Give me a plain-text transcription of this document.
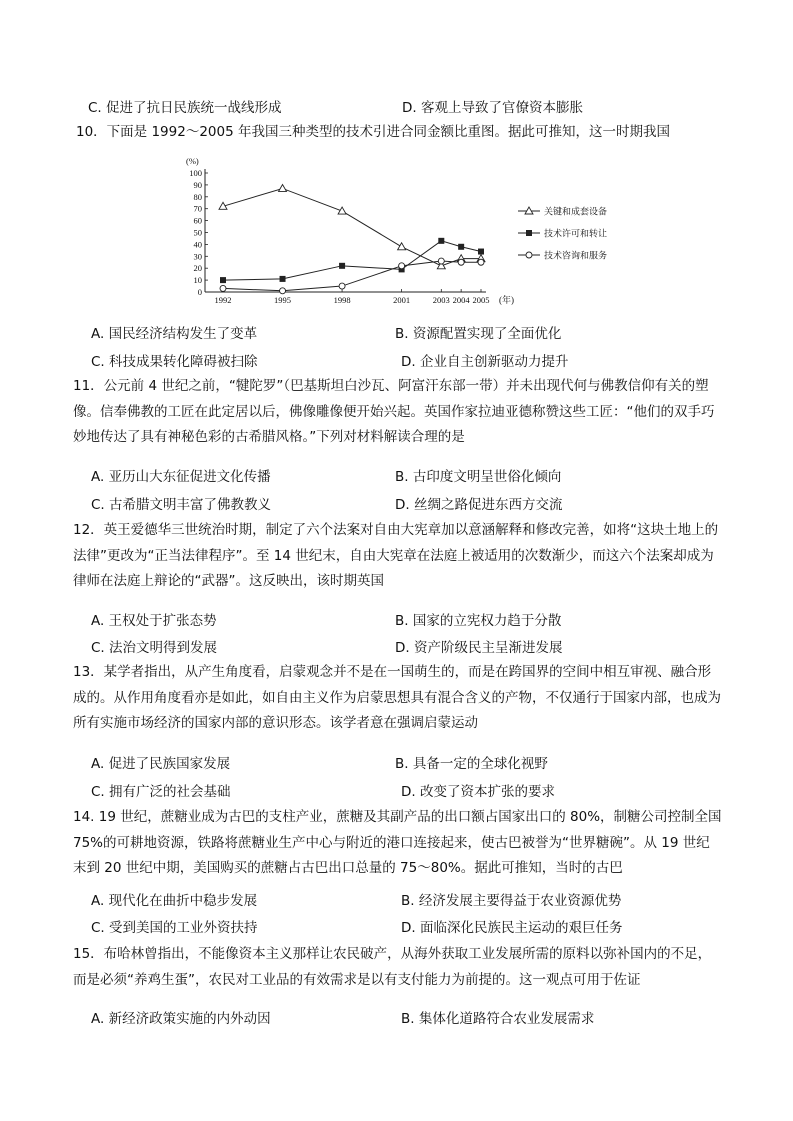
C. 促进了抗日民族统一战线形成	D. 客观上导致了官僚资本膨胀
10．下面是 1992～2005 年我国三种类型的技术引进合同金额比重图。据此可推知，这一时期我国
(%)
(年)
0
10
20
30
40
50
60
70
80
90
100
1992	1995	1998	2001	2003 2004 2005
关键和成套设备
技术许可和转让
技术咨询和服务
A. 国民经济结构发生了变革	B. 资源配置实现了全面优化
C. 科技成果转化障碍被扫除	D. 企业自主创新驱动力提升
11．公元前 4 世纪之前，“犍陀罗”（巴基斯坦白沙瓦、阿富汗东部一带）并未出现代何与佛教信仰有关的塑像。信奉佛教的工匠在此定居以后，佛像雕像便开始兴起。英国作家拉迪亚德称赞这些工匠：“他们的双手巧妙地传达了具有神秘色彩的古希腊风格。”下列对材料解读合理的是
A. 亚历山大东征促进文化传播	B. 古印度文明呈世俗化倾向
C. 古希腊文明丰富了佛教教义	D. 丝绸之路促进东西方交流
12．英王爱德华三世统治时期，制定了六个法案对自由大宪章加以意涵解释和修改完善，如将“这块土地上的法律”更改为“正当法律程序”。至 14 世纪末，自由大宪章在法庭上被适用的次数渐少，而这六个法案却成为律师在法庭上辩论的“武器”。这反映出，该时期英国
A. 王权处于扩张态势	B. 国家的立宪权力趋于分散
C. 法治文明得到发展	D. 资产阶级民主呈渐进发展
13．某学者指出，从产生角度看，启蒙观念并不是在一国萌生的，而是在跨国界的空间中相互审视、融合形成的。从作用角度看亦是如此，如自由主义作为启蒙思想具有混合含义的产物，不仅通行于国家内部，也成为所有实施市场经济的国家内部的意识形态。该学者意在强调启蒙运动
A. 促进了民族国家发展	B. 具备一定的全球化视野
C. 拥有广泛的社会基础	D. 改变了资本扩张的要求
14. 19 世纪，蔗糖业成为古巴的支柱产业，蔗糖及其副产品的出口额占国家出口的 80%，制糖公司控制全国 75%的可耕地资源，铁路将蔗糖业生产中心与附近的港口连接起来，使古巴被誉为“世界糖碗”。从 19 世纪末到 20 世纪中期，美国购买的蔗糖占古巴出口总量的 75～80%。据此可推知，当时的古巴
A. 现代化在曲折中稳步发展	B. 经济发展主要得益于农业资源优势
C. 受到美国的工业外资扶持	D. 面临深化民族民主运动的艰巨任务
15．布哈林曾指出，不能像资本主义那样让农民破产，从海外获取工业发展所需的原料以弥补国内的不足，而是必须“养鸡生蛋”，农民对工业品的有效需求是以有支付能力为前提的。这一观点可用于佐证
A. 新经济政策实施的内外动因	B. 集体化道路符合农业发展需求
